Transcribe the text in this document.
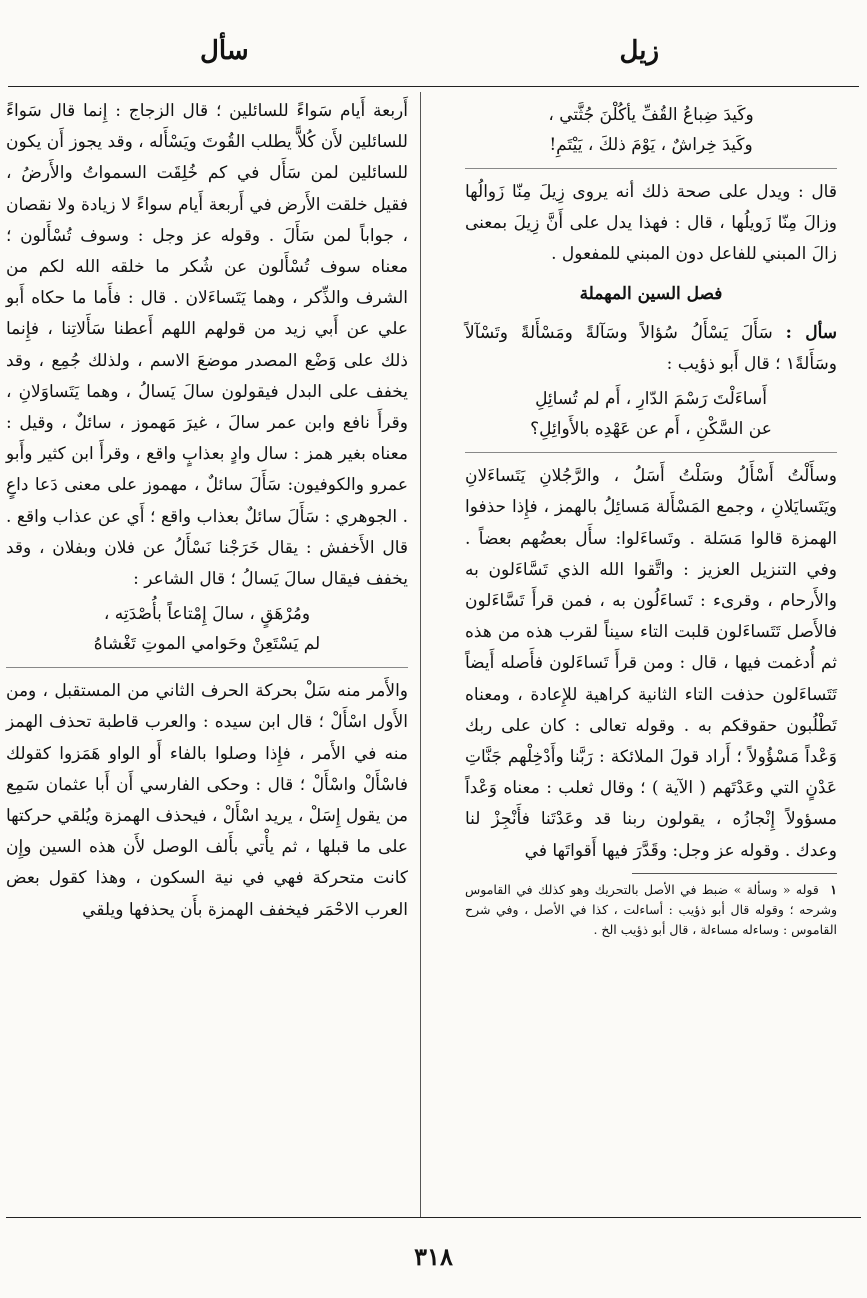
زيل
سأل

وكَيدَ ضِباعُ القُفِّ يأكُلْنَ جُثَّتي ،
وكَيدَ خِراشٌ ، يَوْمَ ذلكَ ، يَيْتَمِ!

قال : ويدل على صحة ذلك أنه يروى زِيلَ مِنّا زَوالُها وزالَ مِنّا زَويلُها ، قال : فهذا يدل على أَنَّ زِيلَ بمعنى زالَ المبني للفاعل دون المبني للمفعول .

فصل السين المهملة

سأل : سَأَلَ يَسْأَلُ سُؤالاً وسَآلةً ومَسْأَلةً وتَسْآلاً وسَأَلةً١ ؛ قال أَبو ذؤيب :

أَساءَلْتَ رَسْمَ الدّارِ ، أَم لم تُسائِلِ
عن السَّكْنِ ، أَم عن عَهْدِه بالأَوائِلِ؟

وسأَلْتُ أَسْأَلُ وسَلْتُ أَسَلُ ، والرَّجُلانِ يَتَساءَلانِ ويَتَسايَلانِ ، وجمع المَسْأَلة مَسائِلُ بالهمز ، فإِذا حذفوا الهمزة قالوا مَسَلة . وتَساءَلوا: سأَل بعضُهم بعضاً . وفي التنزيل العزيز : واتَّقوا الله الذي تَسَّاءَلون به والأَرحام ، وقرىء : تَساءَلُون به ، فمن قرأَ تَسَّاءَلون فالأَصل تَتَساءَلون قلبت التاء سيناً لقرب هذه من هذه ثم أُدغمت فيها ، قال : ومن قرأَ تَساءَلون فأَصله أَيضاً تَتَساءَلون حذفت التاء الثانية كراهية للإِعادة ، ومعناه تَطْلُبون حقوقكم به . وقوله تعالى : كان على ربك وَعْداً مَسْؤُولاً ؛ أَراد قولَ الملائكة : رَبَّنا وأَدْخِلْهم جَنَّاتِ عَدْنٍ التي وعَدْتَهم ( الآية ) ؛ وقال ثعلب : معناه وَعْداً مسؤولاً إِنْجازُه ، يقولون ربنا قد وعَدْتَنا فأَنْجِزْ لنا وعدك . وقوله عز وجل: وقَدَّرَ فيها أَقواتَها في

١ قوله « وسألة » ضبط في الأصل بالتحريك وهو كذلك في القاموس وشرحه ؛ وقوله قال أبو ذؤيب : أساءلت ، كذا في الأصل ، وفي شرح القاموس : وساءله مساءلة ، قال أبو ذؤيب الخ .

أَربعة أَيام سَواءً للسائلين ؛ قال الزجاج : إِنما قال سَواءً للسائلين لأَن كُلاًّ يطلب القُوتَ ويَسْأَله ، وقد يجوز أَن يكون للسائلين لمن سَأَل في كم خُلِقَت السمواتُ والأَرضُ ، فقيل خلقت الأَرض في أَربعة أَيام سواءً لا زيادة ولا نقصان ، جواباً لمن سَأَلَ . وقوله عز وجل : وسوف تُسْأَلون ؛ معناه سوف تُسْأَلون عن شُكر ما خلقه الله لكم من الشرف والذِّكر ، وهما يَتَساءَلان . قال : فأَما ما حكاه أَبو علي عن أَبي زيد من قولهم اللهم أَعطنا سَأَلاتِنا ، فإِنما ذلك على وَضْع المصدر موضعَ الاسم ، ولذلك جُمِع ، وقد يخفف على البدل فيقولون سالَ يَسالُ ، وهما يَتَساوَلانِ ، وقرأَ نافع وابن عمر سالَ ، غيرَ مَهموز ، سائلٌ ، وقيل : معناه بغير همز : سال وادٍ بعذابٍ واقع ، وقرأَ ابن كثير وأَبو عمرو والكوفيون: سَأَلَ سائلٌ ، مهموز على معنى دَعا داعٍ . الجوهري : سَأَلَ سائلٌ بعذاب واقع ؛ أَي عن عذاب واقع . قال الأَخفش : يقال خَرَجْنا نَسْأَلُ عن فلان وبفلان ، وقد يخفف فيقال سالَ يَسالُ ؛ قال الشاعر :

ومُرْهَقٍ ، سالَ إِمْتاعاً بأُصْدَتِه ،
لم يَسْتَعِنْ وحَوامي الموتِ تَغْشاهُ

والأَمر منه سَلْ بحركة الحرف الثاني من المستقبل ، ومن الأَول اسْأَلْ ؛ قال ابن سيده : والعرب قاطبة تحذف الهمز منه في الأَمر ، فإِذا وصلوا بالفاء أَو الواو هَمَزوا كقولك فاسْأَلْ واسْأَلْ ؛ قال : وحكى الفارسي أَن أَبا عثمان سَمِع من يقول إِسَلْ ، يريد اسْأَلْ ، فيحذف الهمزة ويُلقي حركتها على ما قبلها ، ثم يأْتي بأَلف الوصل لأَن هذه السين وإِن كانت متحركة فهي في نية السكون ، وهذا كقول بعض العرب الاحْمَر فيخفف الهمزة بأَن يحذفها ويلقي

٣١٨
